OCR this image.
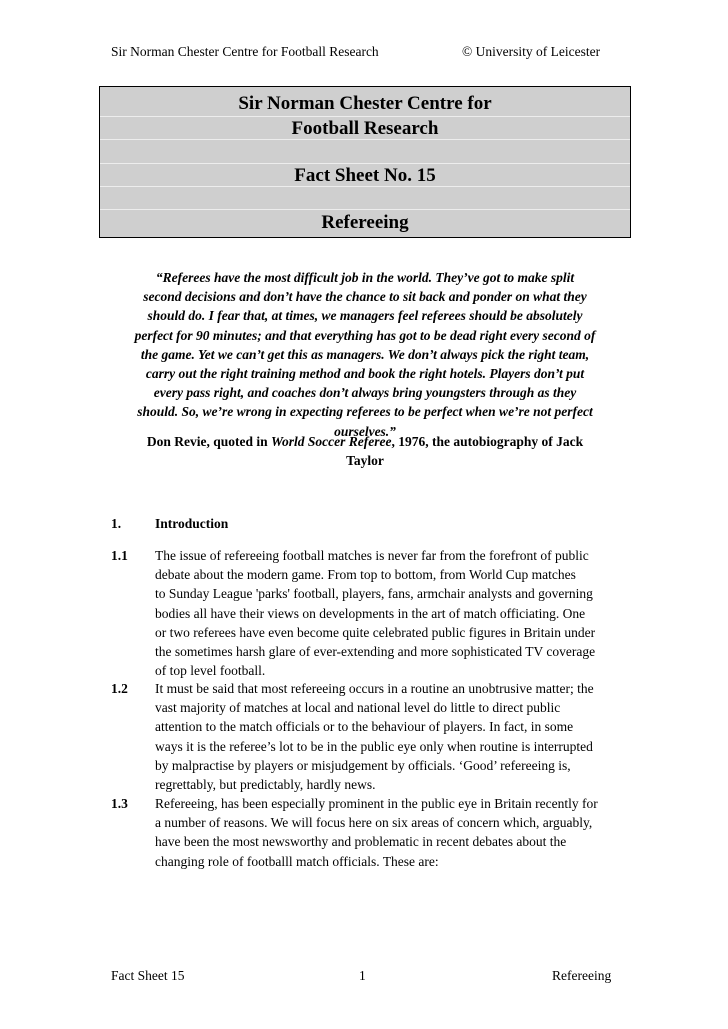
Sir Norman Chester Centre for Football Research	© University of Leicester
Sir Norman Chester Centre for
Football Research
Fact Sheet No. 15
Refereeing
“Referees have the most difficult job in the world. They’ve got to make split
second decisions and don’t have the chance to sit back and ponder on what they
should do. I fear that, at times, we managers feel referees should be absolutely
perfect for 90 minutes; and that everything has got to be dead right every second of
the game. Yet we can’t get this as managers. We don’t always pick the right team,
carry out the right training method and book the right hotels. Players don’t put
every pass right, and coaches don’t always bring youngsters through as they
should. So, we’re wrong in expecting referees to be perfect when we’re not perfect
ourselves.”
Don Revie, quoted in World Soccer Referee, 1976, the autobiography of Jack
Taylor
1.	Introduction
1.1 The issue of refereeing football matches is never far from the forefront of public
debate about the modern game. From top to bottom, from World Cup matches
to Sunday League 'parks' football, players, fans, armchair analysts and governing
bodies all have their views on developments in the art of match officiating. One
or two referees have even become quite celebrated public figures in Britain under
the sometimes harsh glare of ever-extending and more sophisticated TV coverage
of top level football.
1.2 It must be said that most refereeing occurs in a routine an unobtrusive matter; the
vast majority of matches at local and national level do little to direct public
attention to the match officials or to the behaviour of players. In fact, in some
ways it is the referee’s lot to be in the public eye only when routine is interrupted
by malpractise by players or misjudgement by officials. ‘Good’ refereeing is,
regrettably, but predictably, hardly news.
1.3 Refereeing, has been especially prominent in the public eye in Britain recently for
a number of reasons. We will focus here on six areas of concern which, arguably,
have been the most newsworthy and problematic in recent debates about the
changing role of footballl match officials. These are:
Fact Sheet 15	1	Refereeing
